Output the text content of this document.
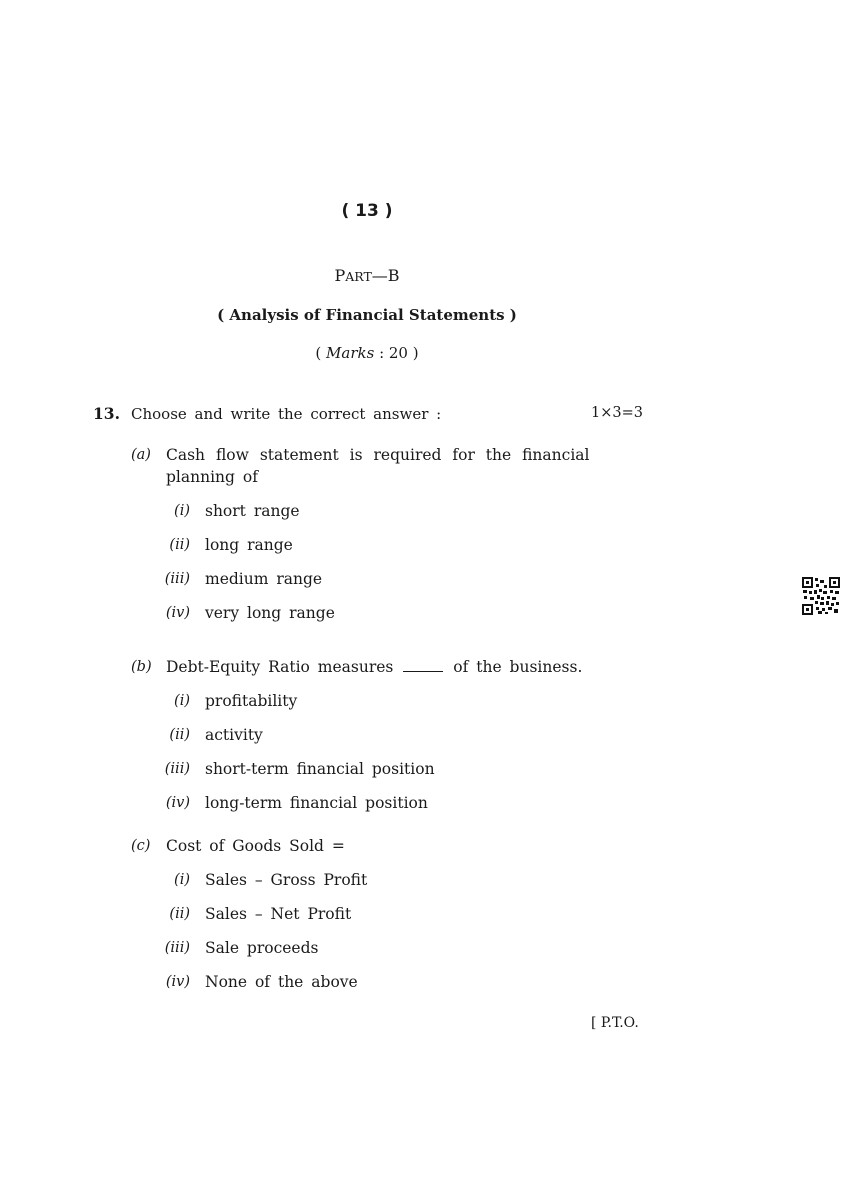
( 13 )
PART—B
( Analysis of Financial Statements )
( Marks : 20 )
13. Choose and write the correct answer :	1×3=3
(a) Cash flow statement is required for the financial
planning of
(i) short range
(ii) long range
(iii) medium range
(iv) very long range
(b) Debt-Equity Ratio measures	of the business.
(i) profitability
(ii) activity
(iii) short-term financial position
(iv) long-term financial position
(c) Cost of Goods Sold =
(i) Sales – Gross Profit
(ii) Sales – Net Profit
(iii) Sale proceeds
(iv) None of the above
[ P.T.O.
